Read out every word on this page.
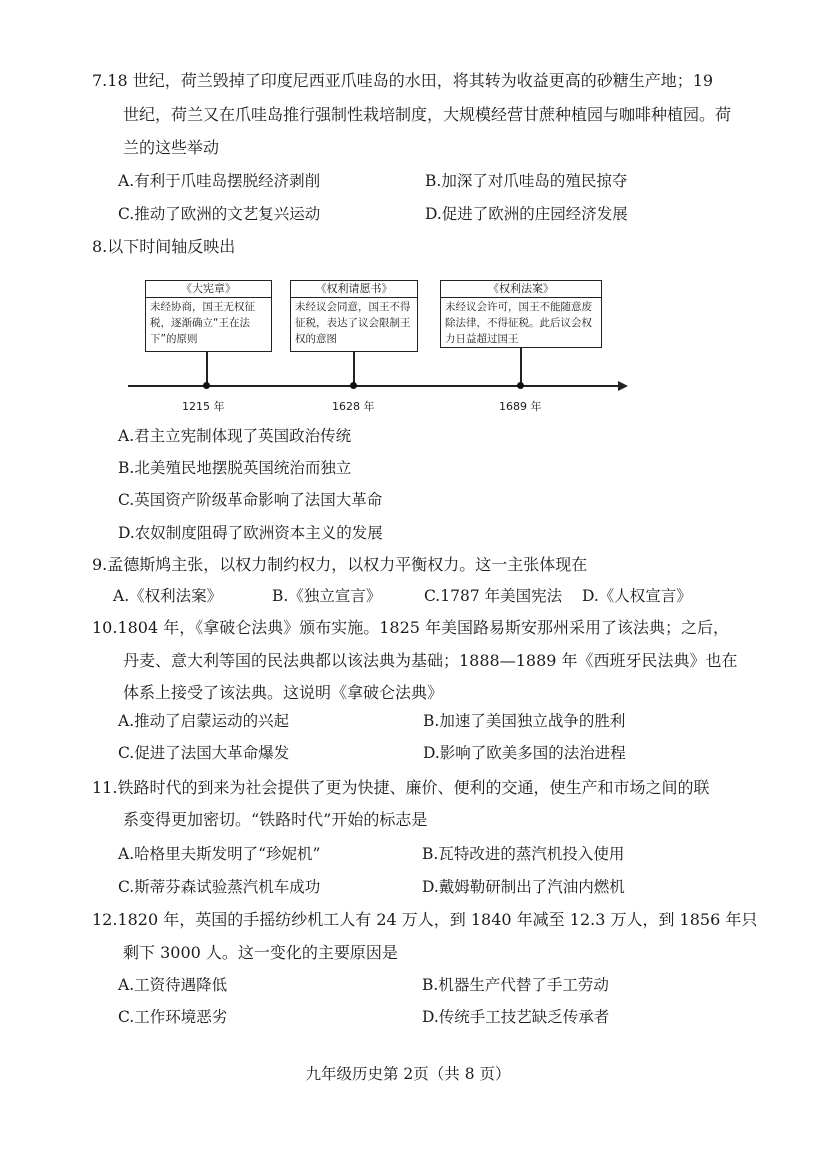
7.18 世纪，荷兰毁掉了印度尼西亚爪哇岛的水田，将其转为收益更高的砂糖生产地；19
世纪，荷兰又在爪哇岛推行强制性栽培制度，大规模经营甘蔗种植园与咖啡种植园。荷
兰的这些举动
A.有利于爪哇岛摆脱经济剥削	B.加深了对爪哇岛的殖民掠夺
C.推动了欧洲的文艺复兴运动	D.促进了欧洲的庄园经济发展
8.以下时间轴反映出
《大宪章》
未经协商，国王无权征税，逐渐确立“王在法下”的原则
《权利请愿书》
未经议会同意，国王不得征税，表达了议会限制王权的意图
《权利法案》
未经议会许可，国王不能随意废除法律，不得征税。此后议会权力日益超过国王
1215 年	1628 年	1689 年
A.君主立宪制体现了英国政治传统
B.北美殖民地摆脱英国统治而独立
C.英国资产阶级革命影响了法国大革命
D.农奴制度阻碍了欧洲资本主义的发展
9.孟德斯鸠主张，以权力制约权力，以权力平衡权力。这一主张体现在
A.《权利法案》	B.《独立宣言》	C.1787 年美国宪法 D.《人权宣言》
10.1804 年，《拿破仑法典》颁布实施。1825 年美国路易斯安那州采用了该法典；之后，
丹麦、意大利等国的民法典都以该法典为基础；1888—1889 年《西班牙民法典》也在
体系上接受了该法典。这说明《拿破仑法典》
A.推动了启蒙运动的兴起	B.加速了美国独立战争的胜利
C.促进了法国大革命爆发	D.影响了欧美多国的法治进程
11.铁路时代的到来为社会提供了更为快捷、廉价、便利的交通，使生产和市场之间的联
系变得更加密切。“铁路时代”开始的标志是
A.哈格里夫斯发明了“珍妮机”	B.瓦特改进的蒸汽机投入使用
C.斯蒂芬森试验蒸汽机车成功	D.戴姆勒研制出了汽油内燃机
12.1820 年，英国的手摇纺纱机工人有 24 万人，到 1840 年减至 12.3 万人，到 1856 年只
剩下 3000 人。这一变化的主要原因是
A.工资待遇降低	B.机器生产代替了手工劳动
C.工作环境恶劣	D.传统手工技艺缺乏传承者
九年级历史第 2页（共 8 页）
